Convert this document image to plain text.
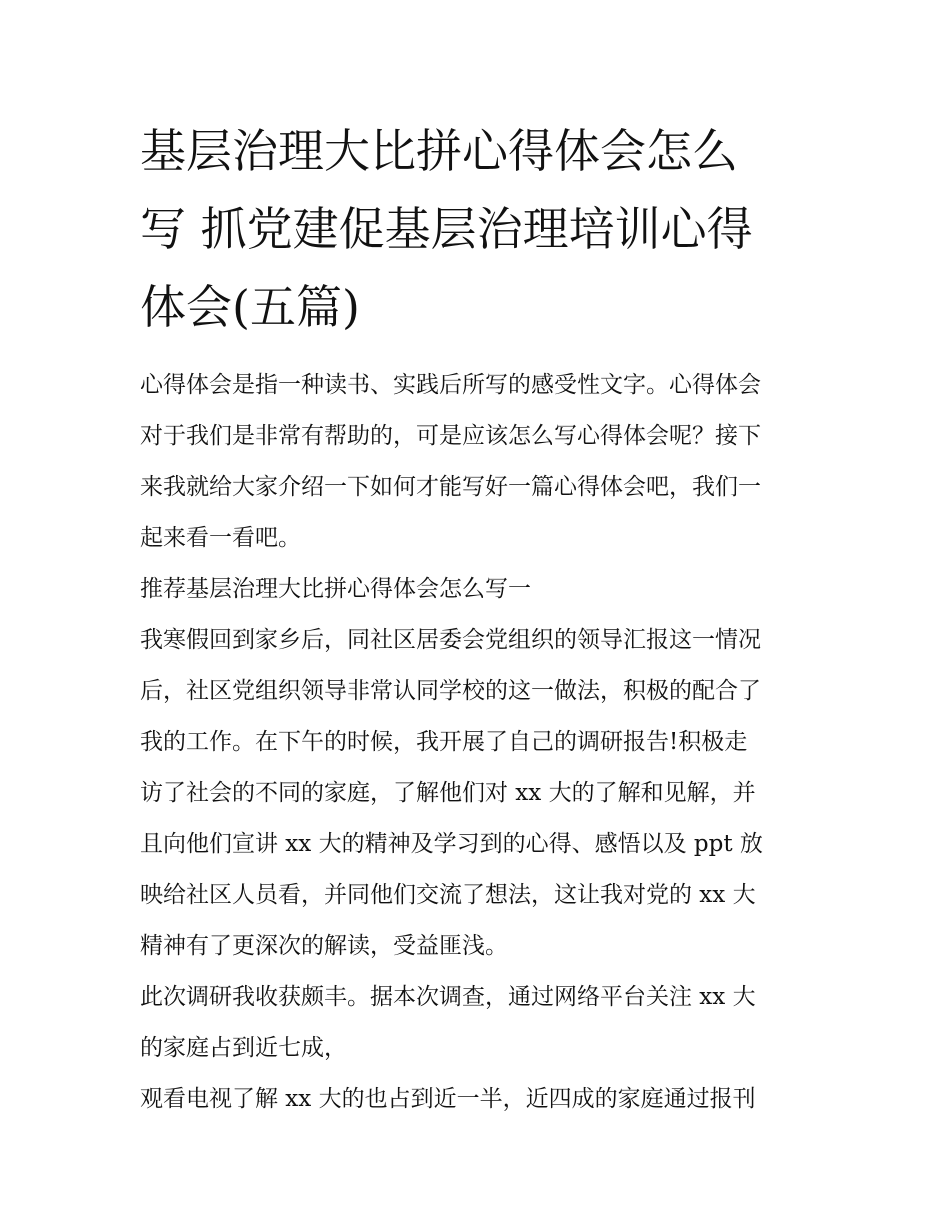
基层治理大比拼心得体会怎么
写 抓党建促基层治理培训心得
体会(五篇)

心得体会是指一种读书、实践后所写的感受性文字。心得体会
对于我们是非常有帮助的，可是应该怎么写心得体会呢？接下
来我就给大家介绍一下如何才能写好一篇心得体会吧，我们一
起来看一看吧。

推荐基层治理大比拼心得体会怎么写一

我寒假回到家乡后，同社区居委会党组织的领导汇报这一情况
后，社区党组织领导非常认同学校的这一做法，积极的配合了
我的工作。在下午的时候，我开展了自己的调研报告!积极走
访了社会的不同的家庭，了解他们对 xx 大的了解和见解，并
且向他们宣讲 xx 大的精神及学习到的心得、感悟以及 ppt 放
映给社区人员看，并同他们交流了想法，这让我对党的 xx 大
精神有了更深次的解读，受益匪浅。

此次调研我收获颇丰。据本次调查，通过网络平台关注 xx 大
的家庭占到近七成，

观看电视了解 xx 大的也占到近一半，近四成的家庭通过报刊
